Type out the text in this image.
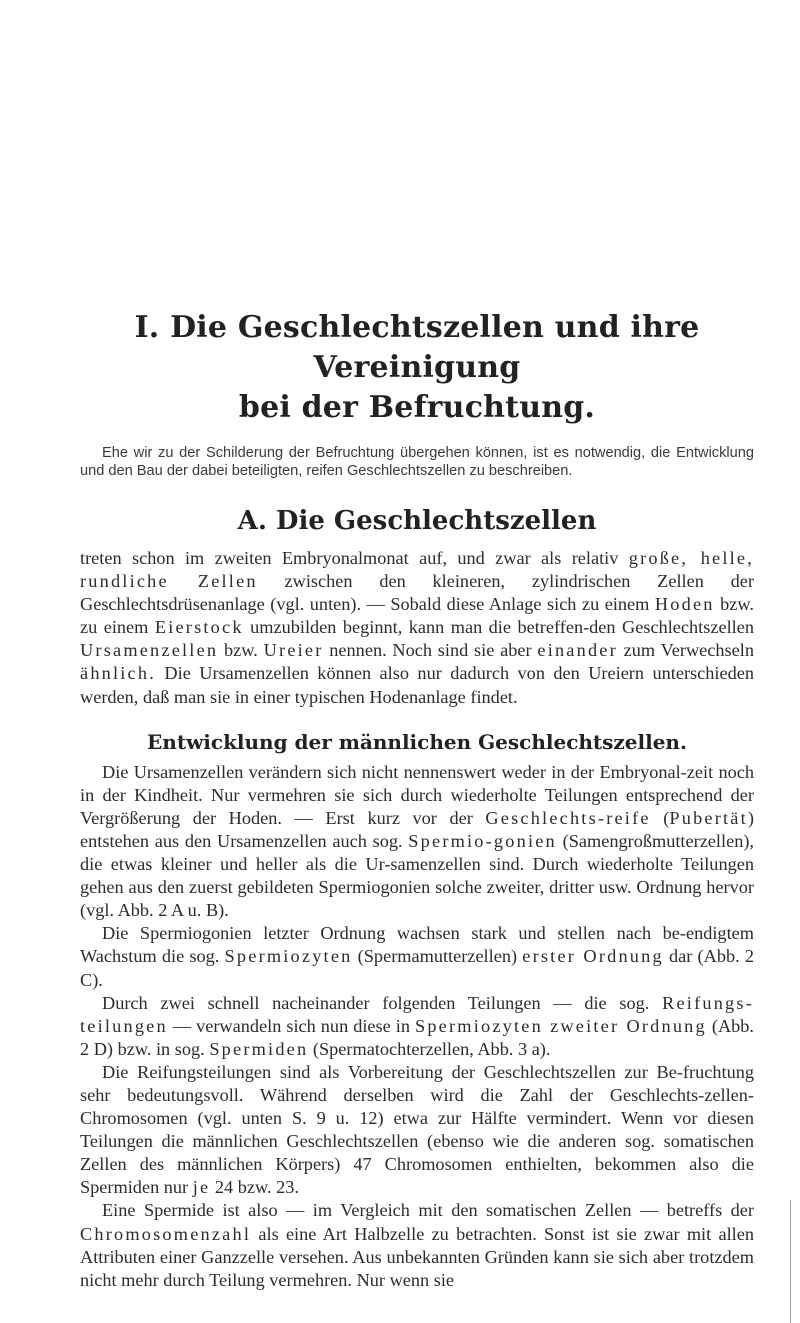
I. Die Geschlechtszellen und ihre Vereinigung
bei der Befruchtung.

Ehe wir zu der Schilderung der Befruchtung übergehen können, ist es notwendig, die Entwicklung und den Bau der dabei beteiligten, reifen Geschlechtszellen zu beschreiben.

A. Die Geschlechtszellen

treten schon im zweiten Embryonalmonat auf, und zwar als relativ große, helle, rundliche Zellen zwischen den kleineren, zylindrischen Zellen der Geschlechtsdrüsenanlage (vgl. unten). — Sobald diese Anlage sich zu einem Hoden bzw. zu einem Eierstock umzubilden beginnt, kann man die betreffen-den Geschlechtszellen Ursamenzellen bzw. Ureier nennen. Noch sind sie aber einander zum Verwechseln ähnlich. Die Ursamenzellen können also nur dadurch von den Ureiern unterschieden werden, daß man sie in einer typischen Hodenanlage findet.

Entwicklung der männlichen Geschlechtszellen.

Die Ursamenzellen verändern sich nicht nennenswert weder in der Embryonal-zeit noch in der Kindheit. Nur vermehren sie sich durch wiederholte Teilungen entsprechend der Vergrößerung der Hoden. — Erst kurz vor der Geschlechts-reife (Pubertät) entstehen aus den Ursamenzellen auch sog. Spermio-gonien (Samengroßmutterzellen), die etwas kleiner und heller als die Ur-samenzellen sind. Durch wiederholte Teilungen gehen aus den zuerst gebildeten Spermiogonien solche zweiter, dritter usw. Ordnung hervor (vgl. Abb. 2 A u. B).

Die Spermiogonien letzter Ordnung wachsen stark und stellen nach be-endigtem Wachstum die sog. Spermiozyten (Spermamutterzellen) erster Ordnung dar (Abb. 2 C).

Durch zwei schnell nacheinander folgenden Teilungen — die sog. Reifungs-teilungen — verwandeln sich nun diese in Spermiozyten zweiter Ordnung (Abb. 2 D) bzw. in sog. Spermiden (Spermatochterzellen, Abb. 3 a).

Die Reifungsteilungen sind als Vorbereitung der Geschlechtszellen zur Be-fruchtung sehr bedeutungsvoll. Während derselben wird die Zahl der Geschlechts-zellen-Chromosomen (vgl. unten S. 9 u. 12) etwa zur Hälfte vermindert. Wenn vor diesen Teilungen die männlichen Geschlechtszellen (ebenso wie die anderen sog. somatischen Zellen des männlichen Körpers) 47 Chromosomen enthielten, bekommen also die Spermiden nur je 24 bzw. 23.

Eine Spermide ist also — im Vergleich mit den somatischen Zellen — betreffs der Chromosomenzahl als eine Art Halbzelle zu betrachten. Sonst ist sie zwar mit allen Attributen einer Ganzzelle versehen. Aus unbekannten Gründen kann sie sich aber trotzdem nicht mehr durch Teilung vermehren. Nur wenn sie
